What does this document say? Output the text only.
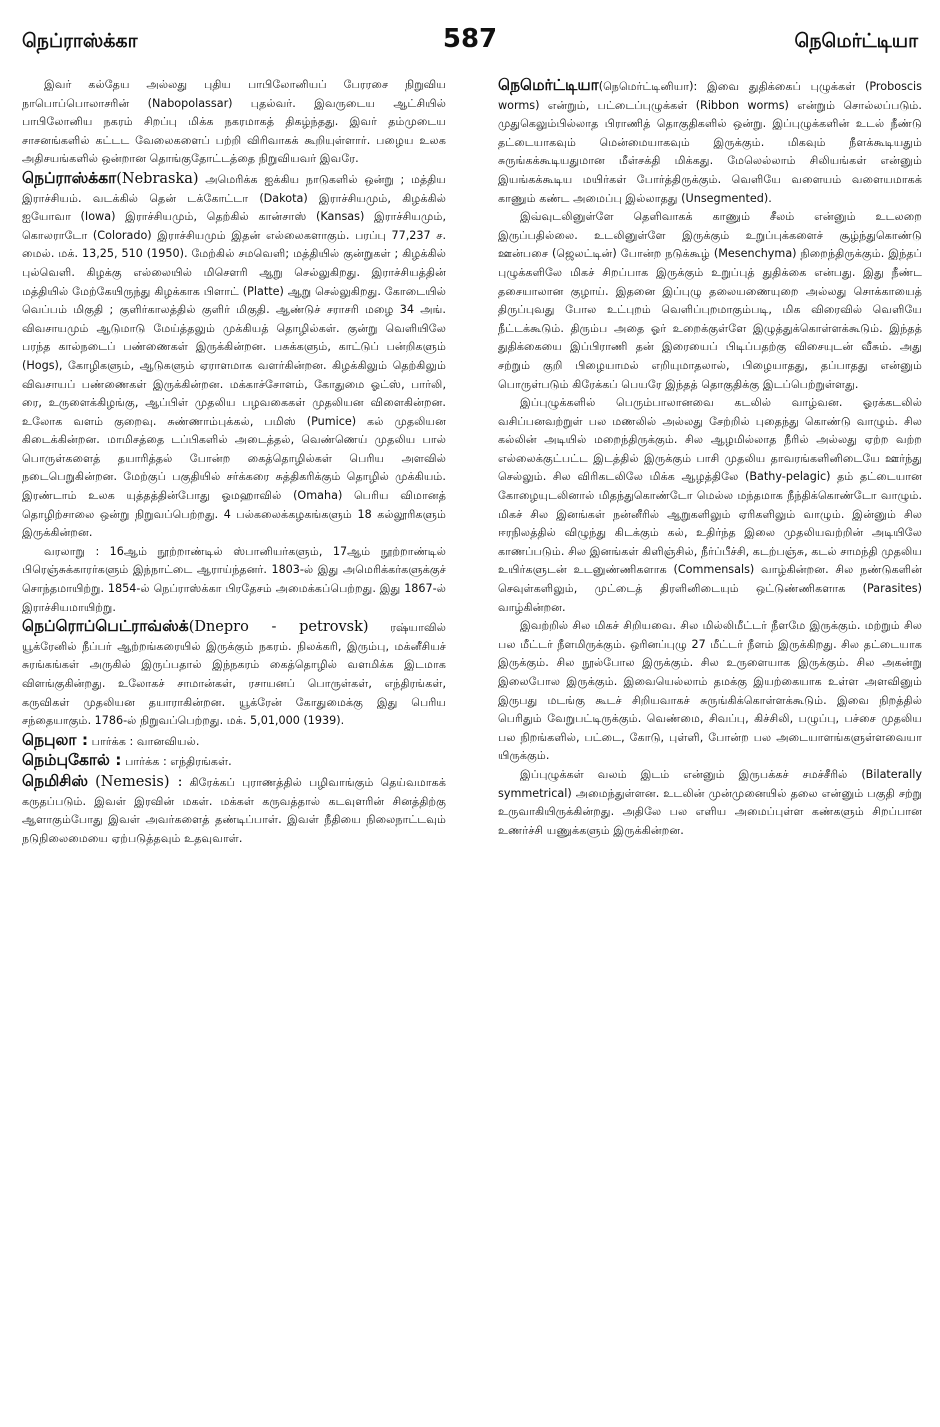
நெப்ராஸ்க்கா	587	நெமெர்ட்டியா

இவர் கல்தேய அல்லது புதிய பாபிலோனியப் பேரரசை நிறுவிய நாபொப்பொலாசரின் (Nabopolassar) புதல்வர். இவருடைய ஆட்சியில் பாபிலோனிய நகரம் சிறப்பு மிக்க நகரமாகத் திகழ்ந்தது. இவர் தம்முடைய சாசனங்களில் கட்டட வேலைகளைப் பற்றி விரிவாகக் கூறியுள்ளார். பழைய உலக அதிசயங்களில் ஒன்றான தொங்குதோட்டத்தை நிறுவியவர் இவரே.

நெப்ராஸ்க்கா(Nebraska) அமெரிக்க ஐக்கிய நாடுகளில் ஒன்று ; மத்திய இராச்சியம். வடக்கில் தென் டக்கோட்டா (Dakota) இராச்சியமும், கிழக்கில் ஐயோவா (Iowa) இராச்சியமும், தெற்கில் கான்சாஸ் (Kansas) இராச்சியமும், கொலராடோ (Colorado) இராச்சியமும் இதன் எல்லைகளாகும். பரப்பு 77,237 ச. மைல். மக். 13,25, 510 (1950). மேற்கில் சமவெளி; மத்தியில் குன்றுகள் ; கிழக்கில் புல்வெளி. கிழக்கு எல்லையில் மிசௌரி ஆறு செல்லுகிறது. இராச்சியத்தின் மத்தியில் மேற்கேயிருந்து கிழக்காக பிளாட் (Platte) ஆறு செல்லுகிறது. கோடையில் வெப்பம் மிகுதி ; குளிர்காலத்தில் குளிர் மிகுதி. ஆண்டுச் சராசரி மழை 34 அங். விவசாயமும் ஆடுமாடு மேய்த்தலும் முக்கியத் தொழில்கள். குன்று வெளியிலே பரந்த கால்நடைப் பண்ணைகள் இருக்கின்றன. பசுக்களும், காட்டுப் பன்றிகளும் (Hogs), கோழிகளும், ஆடுகளும் ஏராளமாக வளர்கின்றன. கிழக்கிலும் தெற்கிலும் விவசாயப் பண்ணைகள் இருக்கின்றன. மக்காச்சோளம், கோதுமை ஓட்ஸ், பார்லி, ரை, உருளைக்கிழங்கு, ஆப்பிள் முதலிய பழவகைகள் முதலியன விளைகின்றன. உலோக வளம் குறைவு. சுண்ணாம்புக்கல், பமிஸ் (Pumice) கல் முதலியன கிடைக்கின்றன. மாமிசத்தை டப்பிகளில் அடைத்தல், வெண்ணெய் முதலிய பால் பொருள்களைத் தயாரித்தல் போன்ற கைத்தொழில்கள் பெரிய அளவில் நடைபெறுகின்றன. மேற்குப் பகுதியில் சர்க்கரை சுத்திகரிக்கும் தொழில் முக்கியம். இரண்டாம் உலக யுத்தத்தின்போது ஓமஹாவில் (Omaha) பெரிய விமானத் தொழிற்சாலை ஒன்று நிறுவப்பெற்றது. 4 பல்கலைக்கழகங்களும் 18 கல்லூரிகளும் இருக்கின்றன.

வரலாறு : 16ஆம் நூற்றாண்டில் ஸ்பானியர்களும், 17ஆம் நூற்றாண்டில் பிரெஞ்சுக்காரர்களும் இந்நாட்டை ஆராய்ந்தனர். 1803-ல் இது அமெரிக்கர்களுக்குச் சொந்தமாயிற்று. 1854-ல் நெப்ராஸ்க்கா பிரதேசம் அமைக்கப்பெற்றது. இது 1867-ல் இராச்சியமாயிற்று.

நெப்ரொப்பெட்ராவ்ஸ்க்(Dnepro - petrovsk) ரஷ்யாவில் யூக்ரேனில் நீப்பர் ஆற்றங்கரையில் இருக்கும் நகரம். நிலக்கரி, இரும்பு, மக்னீசியச் சுரங்கங்கள் அருகில் இருப்பதால் இந்நகரம் கைத்தொழில் வளமிக்க இடமாக விளங்குகின்றது. உலோகச் சாமான்கள், ரசாயனப் பொருள்கள், எந்திரங்கள், கருவிகள் முதலியன தயாராகின்றன. யூக்ரேன் கோதுமைக்கு இது பெரிய சந்தையாகும். 1786-ல் நிறுவப்பெற்றது. மக். 5,01,000 (1939).

நெபுலா : பார்க்க : வானவியல்.

நெம்புகோல் : பார்க்க : எந்திரங்கள்.

நெமிசிஸ் (Nemesis) : கிரேக்கப் புராணத்தில் பழிவாங்கும் தெய்வமாகக் கருதப்படும். இவள் இரவின் மகள். மக்கள் கருவத்தால் கடவுளரின் சினத்திற்கு ஆளாகும்போது இவள் அவர்களைத் தண்டிப்பாள். இவள் நீதியை நிலைநாட்டவும் நடுநிலைமையை ஏற்படுத்தவும் உதவுவாள்.

நெமெர்ட்டியா(நெமெர்ட்டினியா): இவை துதிக்கைப் புழுக்கள் (Proboscis worms) என்றும், பட்டைப்புழுக்கள் (Ribbon worms) என்றும் சொல்லப்படும். முதுகெலும்பில்லாத பிராணித் தொகுதிகளில் ஒன்று. இப்புழுக்களின் உடல் நீண்டு தட்டையாகவும் மென்மையாகவும் இருக்கும். மிகவும் நீளக்கூடியதும் சுருங்கக்கூடியதுமான மீள்சக்தி மிக்கது. மேலெல்லாம் சிலியங்கள் என்னும் இயங்கக்கூடிய மயிர்கள் போர்த்திருக்கும். வெளியே வளையம் வளையமாகக் காணும் கண்ட அமைப்பு இல்லாதது (Unsegmented).

இவ்வுடலினுள்ளே தெளிவாகக் காணும் சீலம் என்னும் உடலறை இருப்பதில்லை. உடலினுள்ளே இருக்கும் உறுப்புக்களைச் சூழ்ந்துகொண்டு ஊன்பசை (ஜெலட்டின்) போன்ற நடுக்கூழ் (Mesenchyma) நிறைந்திருக்கும். இந்தப் புழுக்களிலே மிகச் சிறப்பாக இருக்கும் உறுப்புத் துதிக்கை என்பது. இது நீண்ட தசையாலான குழாய். இதனை இப்புழு தலையணையுறை அல்லது சொக்காயைத் திருப்புவது போல உட்புறம் வெளிப்புறமாகும்படி, மிக விரைவில் வெளியே நீட்டக்கூடும். திரும்ப அதை ஓர் உறைக்குள்ளே இழுத்துக்கொள்ளக்கூடும். இந்தத் துதிக்கையை இப்பிராணி தன் இரையைப் பிடிப்பதற்கு விசையுடன் வீசும். அது சற்றும் குறி பிழையாமல் எறியுமாதலால், பிழையாதது, தப்பாதது என்னும் பொருள்படும் கிரேக்கப் பெயரே இந்தத் தொகுதிக்கு இடப்பெற்றுள்ளது.

இப்புழுக்களில் பெரும்பாலானவை கடலில் வாழ்வன. ஓரக்கடலில் வசிப்பனவற்றுள் பல மணலில் அல்லது சேற்றில் புதைந்து கொண்டு வாழும். சில கல்லின் அடியில் மறைந்திருக்கும். சில ஆழமில்லாத நீரில் அல்லது ஏற்ற வற்ற எல்லைக்குட்பட்ட இடத்தில் இருக்கும் பாசி முதலிய தாவரங்களினிடையே ஊர்ந்து செல்லும். சில விரிகடலிலே மிக்க ஆழத்திலே (Bathy-pelagic) தம் தட்டையான கோழையுடலினால் மிதந்துகொண்டோ மெல்ல மந்தமாக நீந்திக்கொண்டோ வாழும். மிகச் சில இனங்கள் நன்னீரில் ஆறுகளிலும் ஏரிகளிலும் வாழும். இன்னும் சில ஈரநிலத்தில் விழுந்து கிடக்கும் கல், உதிர்ந்த இலை முதலியவற்றின் அடியிலே காணப்படும். சில இனங்கள் கிளிஞ்சில், நீர்ப்பீச்சி, கடற்பஞ்சு, கடல் சாமந்தி முதலிய உயிர்களுடன் உடனுண்ணிகளாக (Commensals) வாழ்கின்றன. சில நண்டுகளின் செவுள்களிலும், முட்டைத் திரளினிடையும் ஒட்டுண்ணிகளாக (Parasites) வாழ்கின்றன.

இவற்றில் சில மிகச் சிறியவை. சில மில்லிமீட்டர் நீளமே இருக்கும். மற்றும் சில பல மீட்டர் நீளமிருக்கும். ஒரினப்புழு 27 மீட்டர் நீளம் இருக்கிறது. சில தட்டையாக இருக்கும். சில நூல்போல இருக்கும். சில உருளையாக இருக்கும். சில அகன்று இலைபோல இருக்கும். இவையெல்லாம் தமக்கு இயற்கையாக உள்ள அளவினும் இருபது மடங்கு கூடச் சிறியவாகச் சுருங்கிக்கொள்ளக்கூடும். இவை நிறத்தில் பெரிதும் வேறுபட்டிருக்கும். வெண்மை, சிவப்பு, கிச்சிலி, பழுப்பு, பச்சை முதலிய பல நிறங்களில், பட்டை, கோடு, புள்ளி, போன்ற பல அடையாளங்களுள்ளவையா யிருக்கும்.

இப்புழுக்கள் வலம் இடம் என்னும் இருபக்கச் சமச்சீரில் (Bilaterally symmetrical) அமைந்துள்ளன. உடலின் முன்முனையில் தலை என்னும் பகுதி சற்று உருவாகியிருக்கின்றது. அதிலே பல எளிய அமைப்புள்ள கண்களும் சிறப்பான உணர்ச்சி யணுக்களும் இருக்கின்றன.
